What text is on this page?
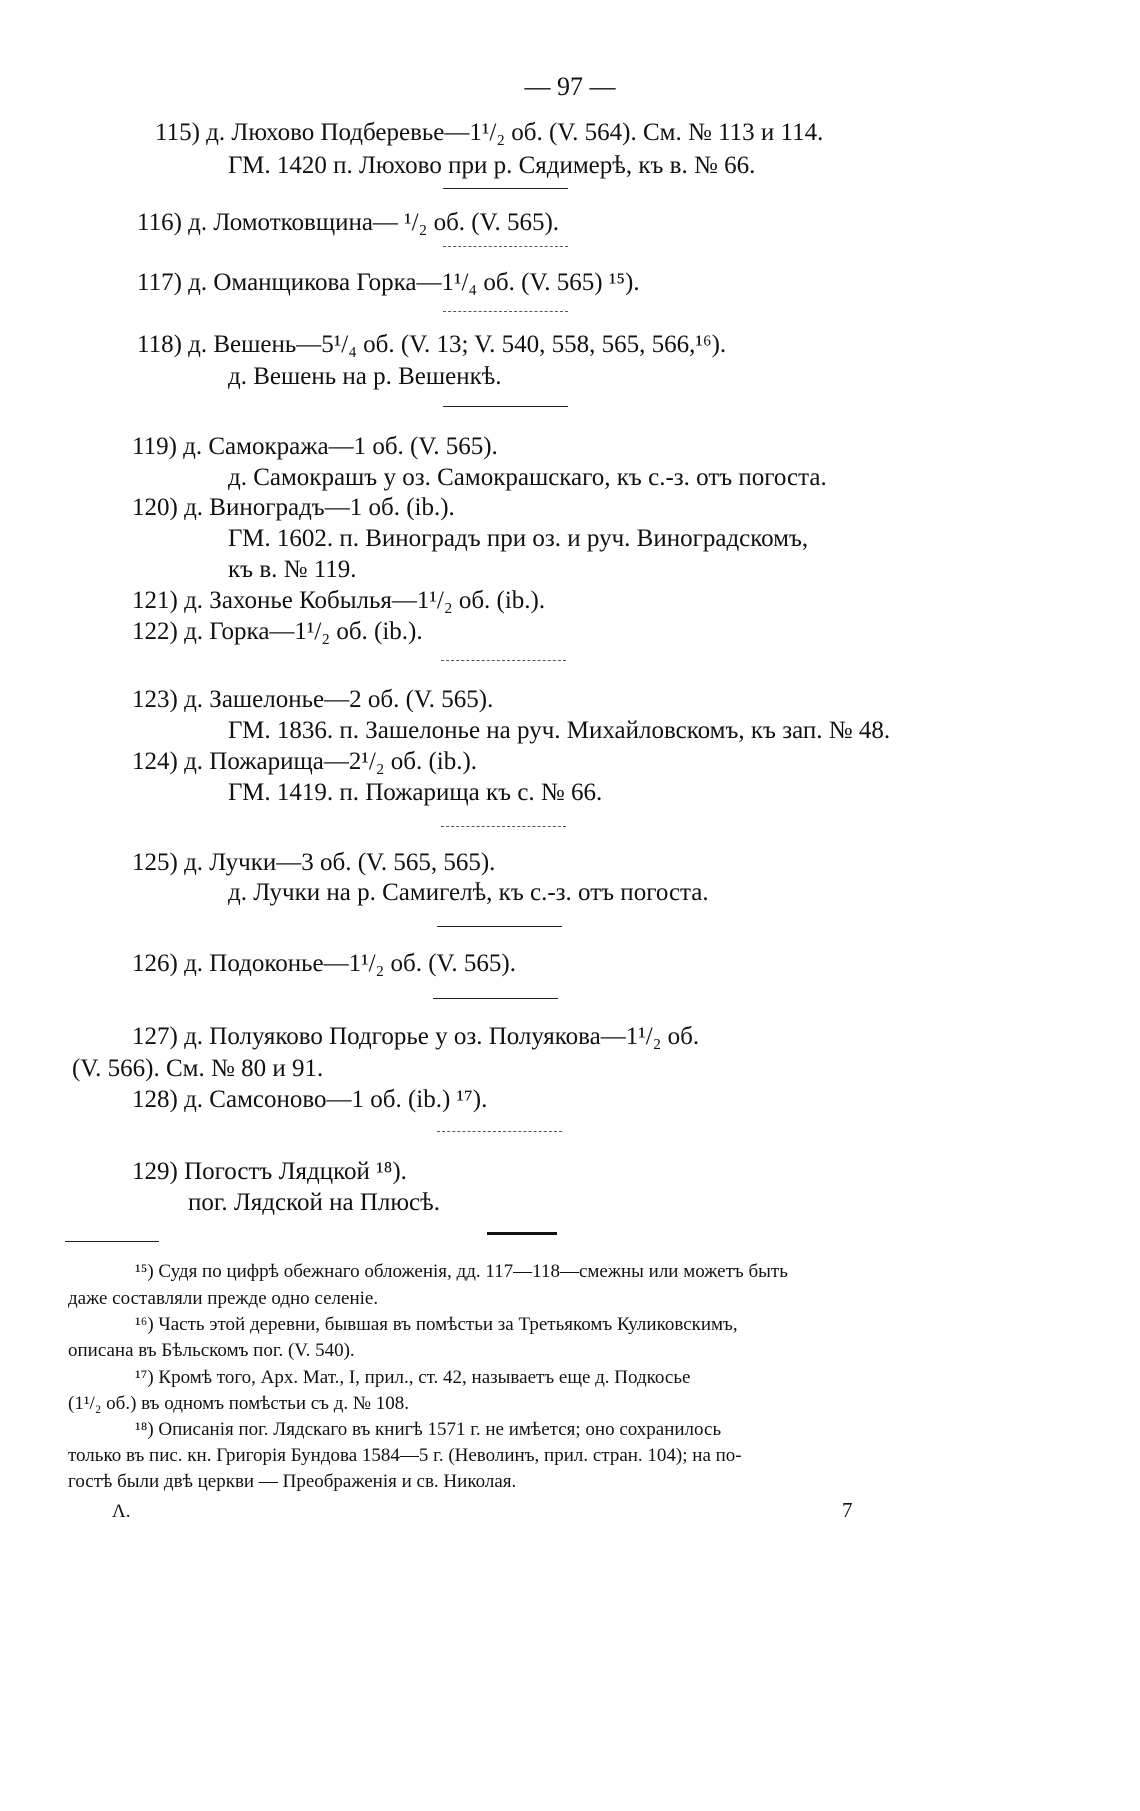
— 97 —
115) д. Люхово Подберевье—1¹/₂ об. (V. 564). См. № 113 и 114.
ГМ. 1420 п. Люхово при р. Сядимерѣ, къ в. № 66.
116) д. Ломотковщина— ¹/₂ об. (V. 565).
117) д. Оманщикова Горка—1¹/₄ об. (V. 565) ¹⁵).
118) д. Вешень—5¹/₄ об. (V. 13; V. 540, 558, 565, 566,¹⁶).
д. Вешень на р. Вешенкѣ.
119) д. Самокража—1 об. (V. 565).
д. Самокрашъ у оз. Самокрашскаго, къ с.-з. отъ погоста.
120) д. Виноградъ—1 об. (ib.).
ГМ. 1602. п. Виноградъ при оз. и руч. Виноградскомъ,
къ в. № 119.
121) д. Захонье Кобылья—1¹/₂ об. (ib.).
122) д. Горка—1¹/₂ об. (ib.).
123) д. Зашелонье—2 об. (V. 565).
ГМ. 1836. п. Зашелонье на руч. Михайловскомъ, къ зап. № 48.
124) д. Пожарища—2¹/₂ об. (ib.).
ГМ. 1419. п. Пожарища къ с. № 66.
125) д. Лучки—3 об. (V. 565, 565).
д. Лучки на р. Самигелѣ, къ с.-з. отъ погоста.
126) д. Подоконье—1¹/₂ об. (V. 565).
127) д. Полуяково Подгорье у оз. Полуякова—1¹/₂ об.
(V. 566). См. № 80 и 91.
128) д. Самсоново—1 об. (ib.) ¹⁷).
129) Погостъ Лядцкой ¹⁸).
пог. Лядской на Плюсѣ.
¹⁵) Судя по цифрѣ обежнаго обложенія, дд. 117—118—смежны или можетъ быть
даже составляли прежде одно селеніе.
¹⁶) Часть этой деревни, бывшая въ помѣстьи за Третьякомъ Куликовскимъ,
описана въ Бѣльскомъ пог. (V. 540).
¹⁷) Кромѣ того, Арх. Мат., I, прил., ст. 42, называетъ еще д. Подкосье
(1¹/₂ об.) въ одномъ помѣстьи съ д. № 108.
¹⁸) Описанія пог. Лядскаго въ книгѣ 1571 г. не имѣется; оно сохранилось
только въ пис. кн. Григорія Бундова 1584—5 г. (Неволинъ, прил. стран. 104); на по-
гостѣ были двѣ церкви — Преображенія и св. Николая.
Λ.	7
